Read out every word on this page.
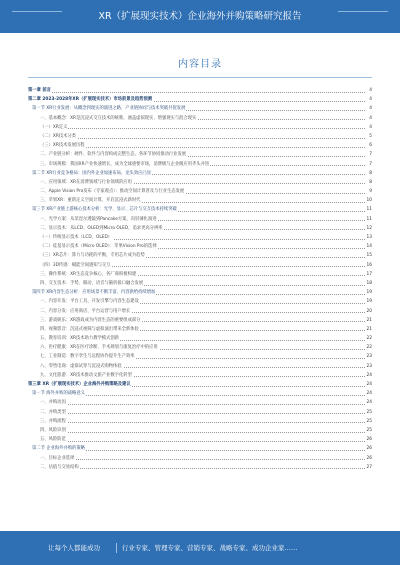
XR（扩展现实技术）企业海外并购策略研究报告
内容目录
第一章 前言	4
第二章 2023-2028年XR（扩展现实技术）市场前景及趋势预测	4
第一节 XR行业发展：从概念到现实的演进之路，产业链协同与技术突破共促发展	4
一、基本概念：XR是沉浸式交互技术的统称，涵盖虚拟现实、增强现实与混合现实	4
（一）XR定义	4
（二）XR技术分类	5
（三）XR技术发展历程	6
二、产业链分析：硬件、软件与内容构成完整生态，各环节协同推动行业发展	7
三、市场规模：我国XR产业快速增长，成为全球重要市场，消费级与企业级应用齐头并进	7
第二节 XR行业竞争格局：国内外企业加速布局，龙头效应凸显	8
一、应用领域：XR在消费领域与行业领域的应用	8
二、Apple Vision Pro发布（专家观点）：推动空间计算普及与行业生态发展	9
三、苹果XR：重新定义空间计算，开启沉浸式新时代	10
第三节 XR产业链上游核心技术分析：光学、显示、芯片与交互技术持续突破	11
一、光学方案：从菲涅尔透镜到Pancake方案，向轻薄化演进	11
二、显示技术：从LCD、OLED到Micro OLED，追求更高分辨率	12
（一）传统显示技术（LCD、OLED）	13
（二）硅基显示技术（Micro OLED）：苹果Vision Pro的选择	14
（三）XR芯片：算力与功耗的平衡，专用芯片成为趋势	15
（四）3D传感：赋能空间感知与交互	16
三、操作系统：XR生态竞争核心，各厂商积极构建	17
四、交互技术：手势、眼动、语音与脑机接口融合发展	18
第四节 XR内容生态分析：应用场景不断丰富，内容供给持续增加	19
一、内容开发：平台工具、开发引擎与内容生态建设	19
二、内容分发：应用商店、平台运营与用户增长	20
三、游戏娱乐：XR游戏成为内容生态的重要组成部分	21
四、视频影音：沉浸式视频与虚拟演出带来全新体验	21
五、教育培训：XR技术助力教学模式创新	22
六、医疗健康：XR在医疗诊断、手术规划与康复治疗中的应用	22
七、工业制造：数字孪生与远程协作提升生产效率	23
八、零售电商：虚拟试穿与沉浸式购物体验	23
九、文化旅游：XR技术推动文旅产业数字化转型	24
第三章 XR（扩展现实技术）企业海外并购策略及建议	24
第一节 海外并购的战略意义	24
一、并购动因	24
二、并购类型	25
三、并购流程	25
四、风险识别	25
五、风险防范	26
第二节 企业海外并购的策略	26
一、目标企业选择	26
二、估值与交易结构	27
让每个人都能成功	行业专家、管理专家、营销专家、战略专家、成功企业家……
